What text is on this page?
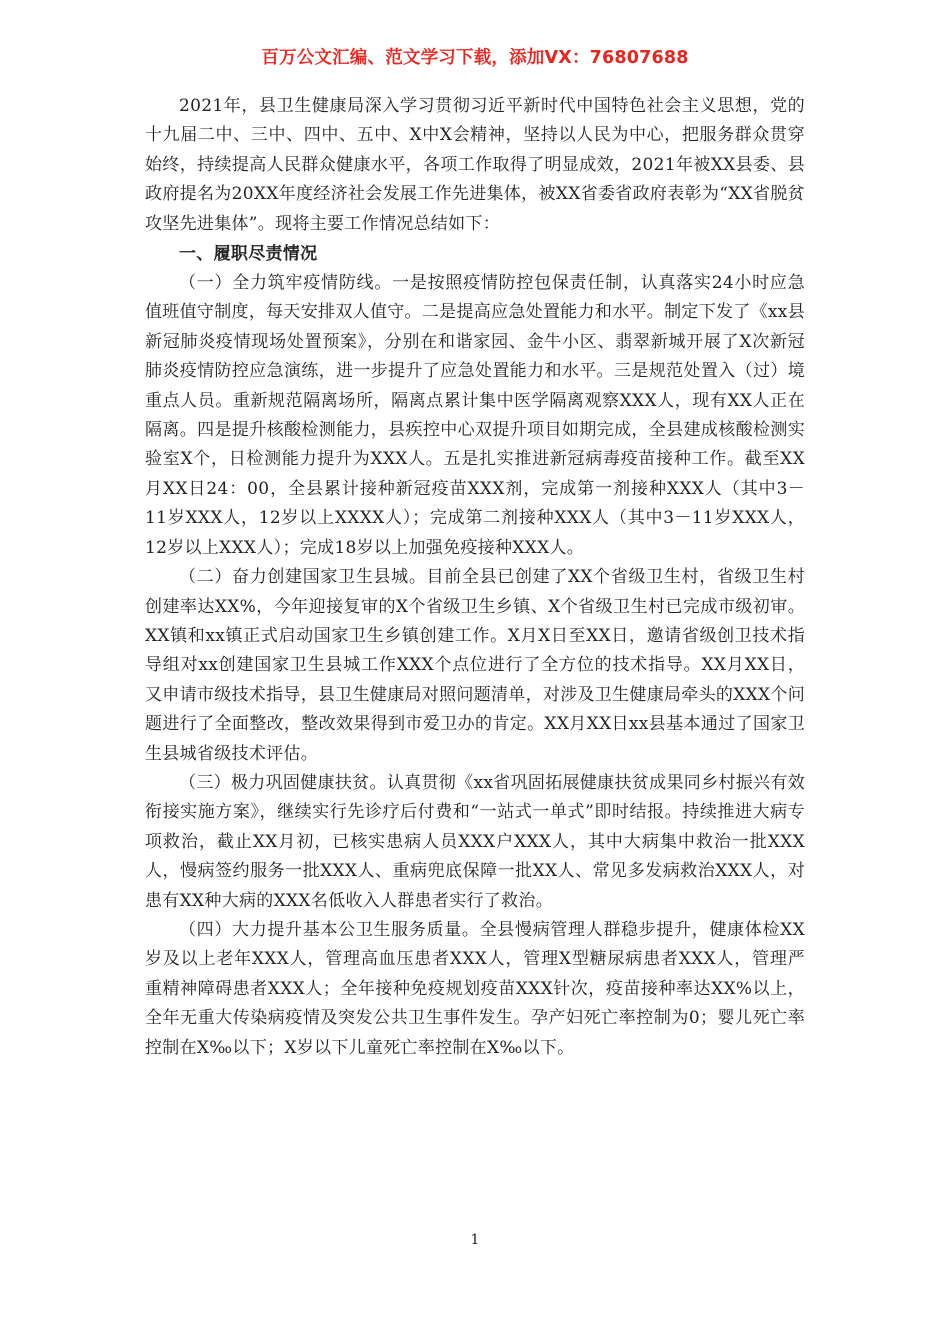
百万公文汇编、范文学习下载，添加VX：76807688

2021年，县卫生健康局深入学习贯彻习近平新时代中国特色社会主义思想，党的十九届二中、三中、四中、五中、X中X会精神，坚持以人民为中心，把服务群众贯穿始终，持续提高人民群众健康水平，各项工作取得了明显成效，2021年被XX县委、县政府提名为20XX年度经济社会发展工作先进集体，被XX省委省政府表彰为“XX省脱贫攻坚先进集体”。现将主要工作情况总结如下：

一、履职尽责情况

（一）全力筑牢疫情防线。一是按照疫情防控包保责任制，认真落实24小时应急值班值守制度，每天安排双人值守。二是提高应急处置能力和水平。制定下发了《xx县新冠肺炎疫情现场处置预案》，分别在和谐家园、金牛小区、翡翠新城开展了X次新冠肺炎疫情防控应急演练，进一步提升了应急处置能力和水平。三是规范处置入（过）境重点人员。重新规范隔离场所，隔离点累计集中医学隔离观察XXX人，现有XX人正在隔离。四是提升核酸检测能力，县疾控中心双提升项目如期完成，全县建成核酸检测实验室X个，日检测能力提升为XXX人。五是扎实推进新冠病毒疫苗接种工作。截至XX月XX日24：00，全县累计接种新冠疫苗XXX剂，完成第一剂接种XXX人（其中3－11岁XXX人，12岁以上XXXX人）；完成第二剂接种XXX人（其中3－11岁XXX人，12岁以上XXX人）；完成18岁以上加强免疫接种XXX人。

（二）奋力创建国家卫生县城。目前全县已创建了XX个省级卫生村，省级卫生村创建率达XX%，今年迎接复审的X个省级卫生乡镇、X个省级卫生村已完成市级初审。XX镇和xx镇正式启动国家卫生乡镇创建工作。X月X日至XX日，邀请省级创卫技术指导组对xx创建国家卫生县城工作XXX个点位进行了全方位的技术指导。XX月XX日，又申请市级技术指导，县卫生健康局对照问题清单，对涉及卫生健康局牵头的XXX个问题进行了全面整改，整改效果得到市爱卫办的肯定。XX月XX日xx县基本通过了国家卫生县城省级技术评估。

（三）极力巩固健康扶贫。认真贯彻《xx省巩固拓展健康扶贫成果同乡村振兴有效衔接实施方案》，继续实行先诊疗后付费和“一站式一单式”即时结报。持续推进大病专项救治，截止XX月初，已核实患病人员XXX户XXX人，其中大病集中救治一批XXX人，慢病签约服务一批XXX人、重病兜底保障一批XX人、常见多发病救治XXX人，对患有XX种大病的XXX名低收入人群患者实行了救治。

（四）大力提升基本公卫生服务质量。全县慢病管理人群稳步提升，健康体检XX岁及以上老年XXX人，管理高血压患者XXX人，管理X型糖尿病患者XXX人，管理严重精神障碍患者XXX人；全年接种免疫规划疫苗XXX针次，疫苗接种率达XX%以上，全年无重大传染病疫情及突发公共卫生事件发生。孕产妇死亡率控制为0；婴儿死亡率控制在X‰以下；X岁以下儿童死亡率控制在X‰以下。

1
